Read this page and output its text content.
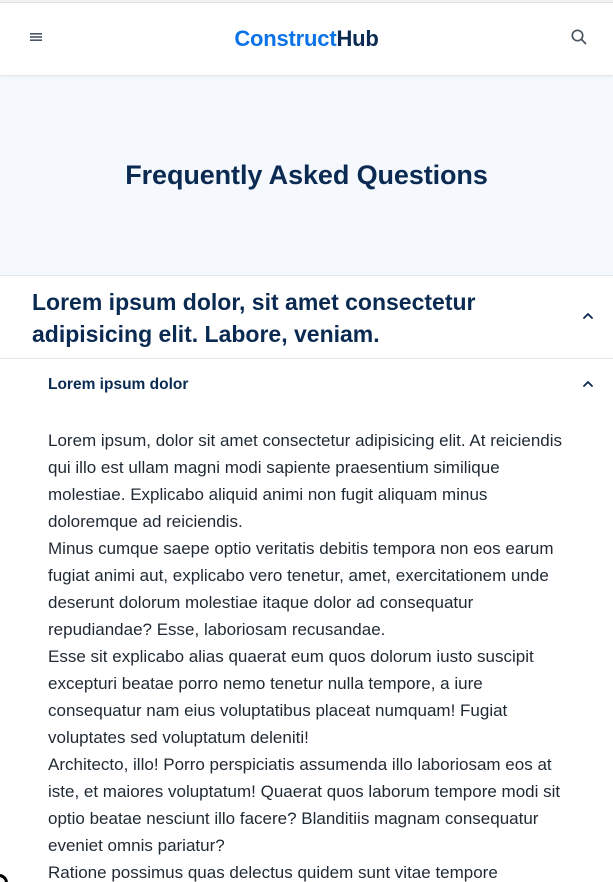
ConstructHub
Frequently Asked Questions
Lorem ipsum dolor, sit amet consectetur adipisicing elit. Labore, veniam.
Lorem ipsum dolor

Lorem ipsum, dolor sit amet consectetur adipisicing elit. At reiciendis qui illo est ullam magni modi sapiente praesentium similique molestiae. Explicabo aliquid animi non fugit aliquam minus doloremque ad reiciendis.

Minus cumque saepe optio veritatis debitis tempora non eos earum fugiat animi aut, explicabo vero tenetur, amet, exercitationem unde deserunt dolorum molestiae itaque dolor ad consequatur repudiandae? Esse, laboriosam recusandae.

Esse sit explicabo alias quaerat eum quos dolorum iusto suscipit excepturi beatae porro nemo tenetur nulla tempore, a iure consequatur nam eius voluptatibus placeat numquam! Fugiat voluptates sed voluptatum deleniti!

Architecto, illo! Porro perspiciatis assumenda illo laboriosam eos at iste, et maiores voluptatum! Quaerat quos laborum tempore modi sit optio beatae nesciunt illo facere? Blanditiis magnam consequatur eveniet omnis pariatur?

Ratione possimus quas delectus quidem sunt vitae tempore
